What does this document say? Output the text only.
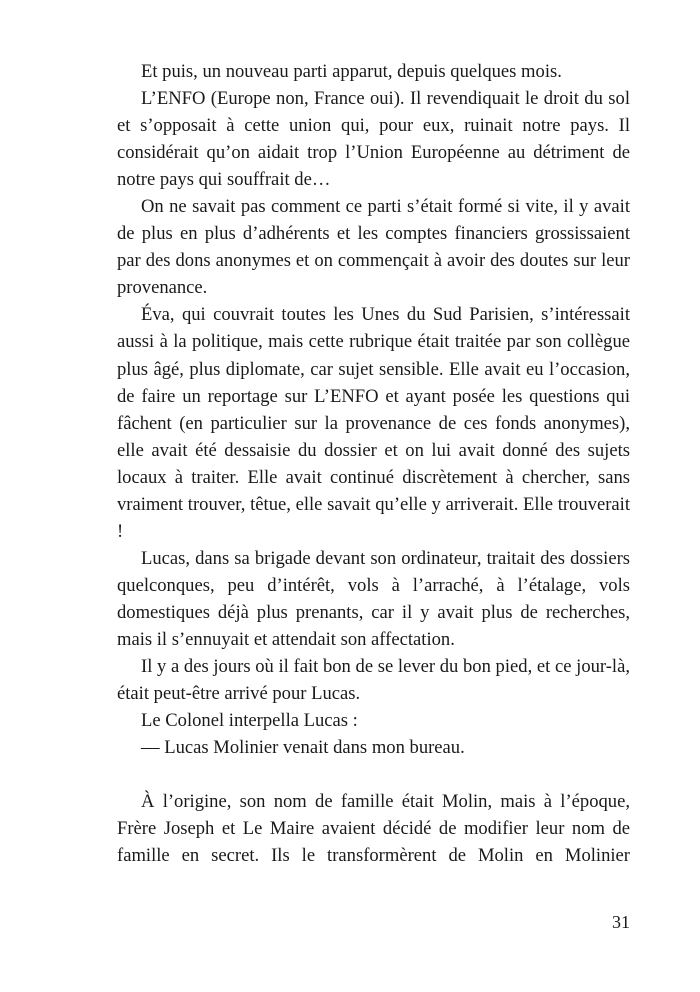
Et puis, un nouveau parti apparut, depuis quelques mois.

L’ENFO (Europe non, France oui). Il revendiquait le droit du sol et s’opposait à cette union qui, pour eux, ruinait notre pays. Il considérait qu’on aidait trop l’Union Européenne au détriment de notre pays qui souffrait de…

On ne savait pas comment ce parti s’était formé si vite, il y avait de plus en plus d’adhérents et les comptes financiers grossissaient par des dons anonymes et on commençait à avoir des doutes sur leur provenance.

Éva, qui couvrait toutes les Unes du Sud Parisien, s’intéressait aussi à la politique, mais cette rubrique était traitée par son collègue plus âgé, plus diplomate, car sujet sensible. Elle avait eu l’occasion, de faire un reportage sur L’ENFO et ayant posée les questions qui fâchent (en particulier sur la provenance de ces fonds anonymes), elle avait été dessaisie du dossier et on lui avait donné des sujets locaux à traiter. Elle avait continué discrètement à chercher, sans vraiment trouver, têtue, elle savait qu’elle y arriverait. Elle trouverait !

Lucas, dans sa brigade devant son ordinateur, traitait des dossiers quelconques, peu d’intérêt, vols à l’arraché, à l’étalage, vols domestiques déjà plus prenants, car il y avait plus de recherches, mais il s’ennuyait et attendait son affectation.

Il y a des jours où il fait bon de se lever du bon pied, et ce jour-là, était peut-être arrivé pour Lucas.

Le Colonel interpella Lucas :

— Lucas Molinier venait dans mon bureau.

À l’origine, son nom de famille était Molin, mais à l’époque, Frère Joseph et Le Maire avaient décidé de modifier leur nom de famille en secret. Ils le transformèrent de Molin en Molinier

31
